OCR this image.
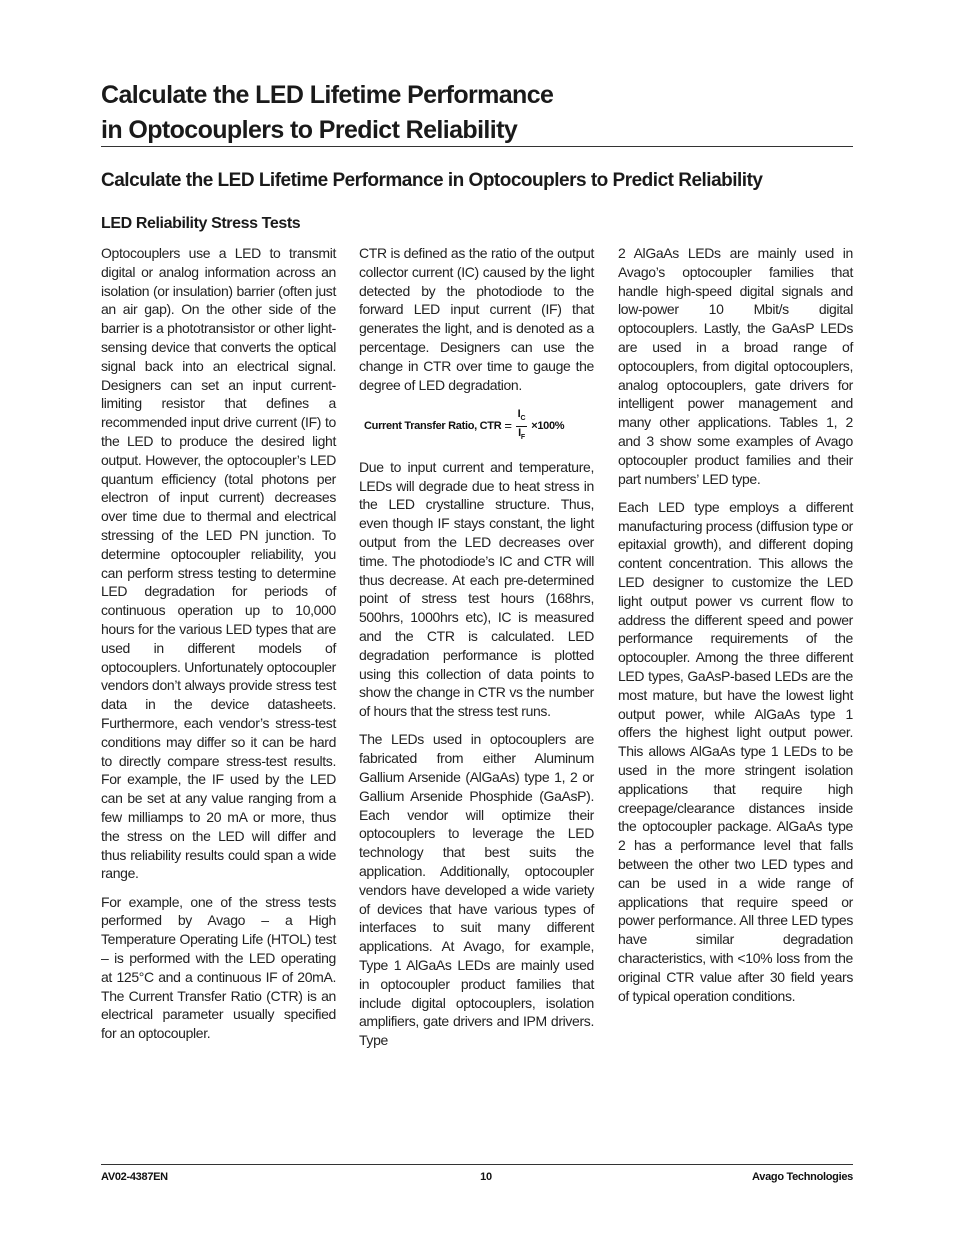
Calculate the LED Lifetime Performance
in Optocouplers to Predict Reliability
Calculate the LED Lifetime Performance in Optocouplers to Predict Reliability
LED Reliability Stress Tests

Optocouplers use a LED to transmit digital or analog information across an isolation (or insulation) barrier (often just an air gap). On the other side of the barrier is a phototransistor or other light-sensing device that converts the optical signal back into an electrical signal. Designers can set an input current-limiting resistor that defines a recommended input drive current (IF) to the LED to produce the desired light output. However, the optocoupler’s LED quantum efficiency (total photons per electron of input current) decreases over time due to thermal and electrical stressing of the LED PN junction. To determine optocoupler reliability, you can perform stress testing to determine LED degradation for periods of continuous operation up to 10,000 hours for the various LED types that are used in different models of optocouplers. Unfortunately optocoupler vendors don’t always provide stress test data in the device datasheets. Furthermore, each vendor’s stress-test conditions may differ so it can be hard to directly compare stress-test results. For example, the IF used by the LED can be set at any value ranging from a few milliamps to 20 mA or more, thus the stress on the LED will differ and thus reliability results could span a wide range.

For example, one of the stress tests performed by Avago – a High Temperature Operating Life (HTOL) test – is performed with the LED operating at 125°C and a continuous IF of 20mA. The Current Transfer Ratio (CTR) is an electrical parameter usually specified for an optocoupler.

CTR is defined as the ratio of the output collector current (IC) caused by the light detected by the photodiode to the forward LED input current (IF) that generates the light, and is denoted as a percentage. Designers can use the change in CTR over time to gauge the degree of LED degradation.

Current Transfer Ratio, CTR = $\frac{I_C}{I_F} \times 100\%$

Due to input current and temperature, LEDs will degrade due to heat stress in the LED crystalline structure. Thus, even though IF stays constant, the light output from the LED decreases over time. The photodiode’s IC and CTR will thus decrease. At each pre-determined point of stress test hours (168hrs, 500hrs, 1000hrs etc), IC is measured and the CTR is calculated. LED degradation performance is plotted using this collection of data points to show the change in CTR vs the number of hours that the stress test runs.

The LEDs used in optocouplers are fabricated from either Aluminum Gallium Arsenide (AlGaAs) type 1, 2 or Gallium Arsenide Phosphide (GaAsP). Each vendor will optimize their optocouplers to leverage the LED technology that best suits the application. Additionally, optocoupler vendors have developed a wide variety of devices that have various types of interfaces to suit many different applications. At Avago, for example, Type 1 AlGaAs LEDs are mainly used in optocoupler product families that include digital optocouplers, isolation amplifiers, gate drivers and IPM drivers. Type

2 AlGaAs LEDs are mainly used in Avago’s optocoupler families that handle high-speed digital signals and low-power 10 Mbit/s digital optocouplers. Lastly, the GaAsP LEDs are used in a broad range of optocouplers, from digital optocouplers, analog optocouplers, gate drivers for intelligent power management and many other applications. Tables 1, 2 and 3 show some examples of Avago optocoupler product families and their part numbers’ LED type.

Each LED type employs a different manufacturing process (diffusion type or epitaxial growth), and different doping content concentration. This allows the LED designer to customize the LED light output power vs current flow to address the different speed and power performance requirements of the optocoupler. Among the three different LED types, GaAsP-based LEDs are the most mature, but have the lowest light output power, while AlGaAs type 1 offers the highest light output power. This allows AlGaAs type 1 LEDs to be used in the more stringent isolation applications that require high creepage/clearance distances inside the optocoupler package. AlGaAs type 2 has a performance level that falls between the other two LED types and can be used in a wide range of applications that require speed or power performance. All three LED types have similar degradation characteristics, with <10% loss from the original CTR value after 30 field years of typical operation conditions.

AV02-4387EN	10	Avago Technologies
